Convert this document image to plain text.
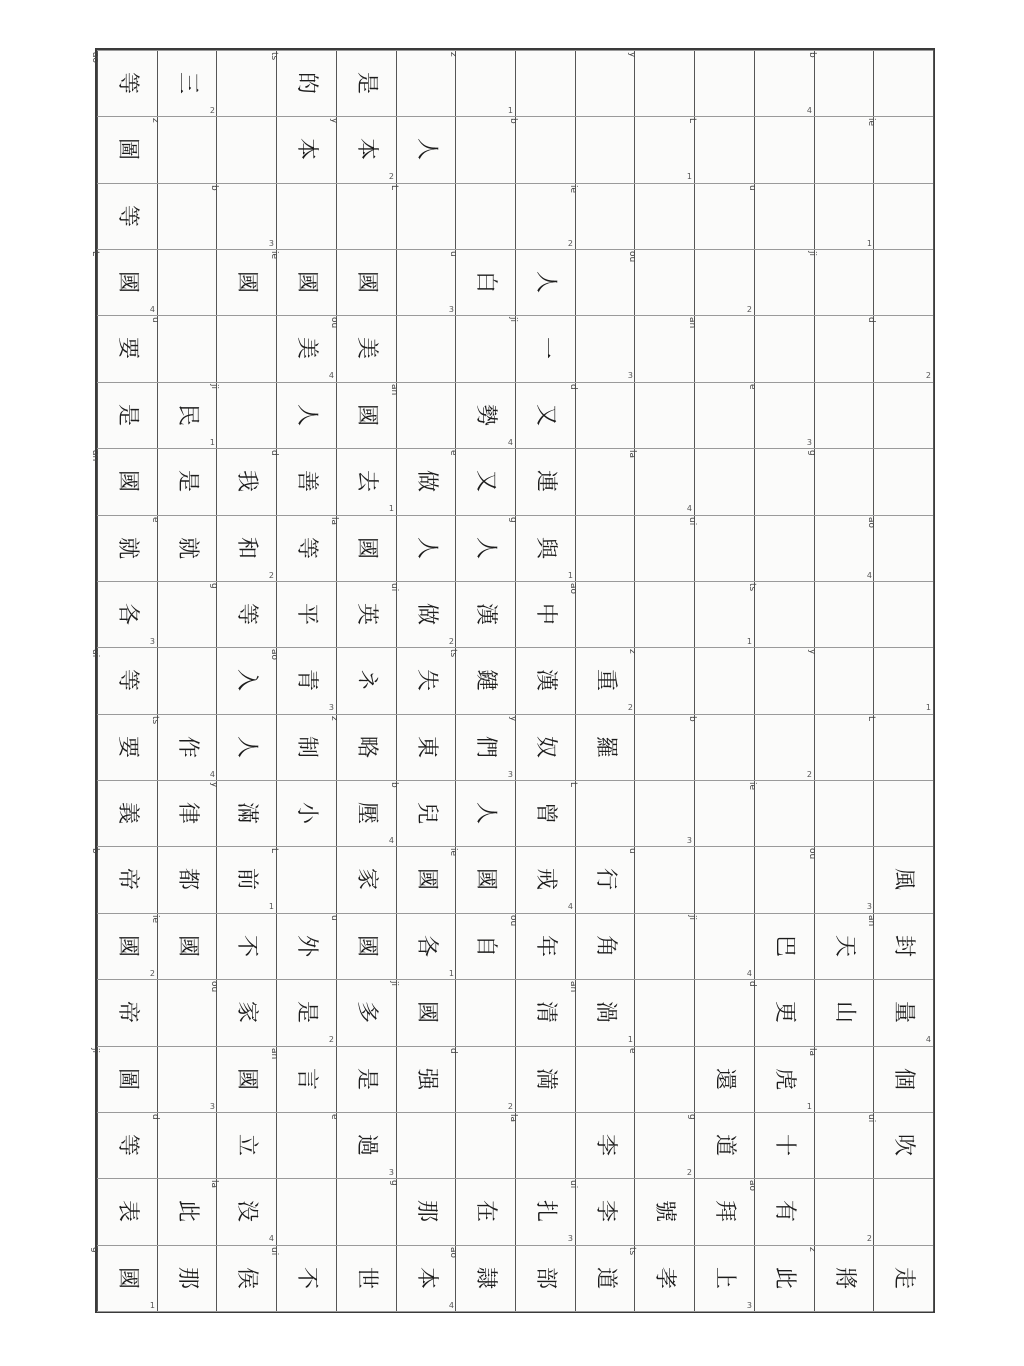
國
g
1
表
等
圖
ji
帝
國
2
帝
b
義
要
等
ui
各
3
就
國
an
是
要
國
L
4
等
圖
等
ao
那
此
d
3
國
ie
都
律
作
ts
4
就
e
是
民
1
u
z
三
2
侯
没
la
4
立
國
家
ou
不
前
1
滿
y
人
入
等
g
和
2
我
ji
國
b
3
不
ui
言
an
是
2
外
L
小
制
青
ao
3
平
等
善
d
人
美
4
國
ie
本
的
ts
世
過
e
3
是
多
國
u
家
壓
4
略
z
ネ
英
國
la
去
1
國
美
ou
國
本
y
2
是
本
4
那
g
强
國
ji
各
1
國
兒
b
東
失
做
ui
2
人
做
an
3
L
人
隷
ao
在
d
2
自
國
ie
人
們
3
鍵
ts
漢
人
又
e
勢
4
白
u
z
1
部
扎
3
la
満
清
年
ou
戒
4
曾
奴
y
漢
中
與
g
1
連
又
一
ji
人
2
b
道
李
ui
李
渦
an
1
角
行
L
羅
重
2
ao
d
3
ie
孝
ts
號
2
e
u
3
z
la
4
ou
1
y
上
3
拜
道
g
還
ji
4
b
1
ui
an
2
L
此
有
ao
十
虎
1
更
d
巴
ie
2
ts
e
3
u
4
將
z
2
la
山
天
ou
3
y
4
g
ji
1
b
走
吹
ui
個
量
4
封
an
風
L
1
ao
d
2
ie
